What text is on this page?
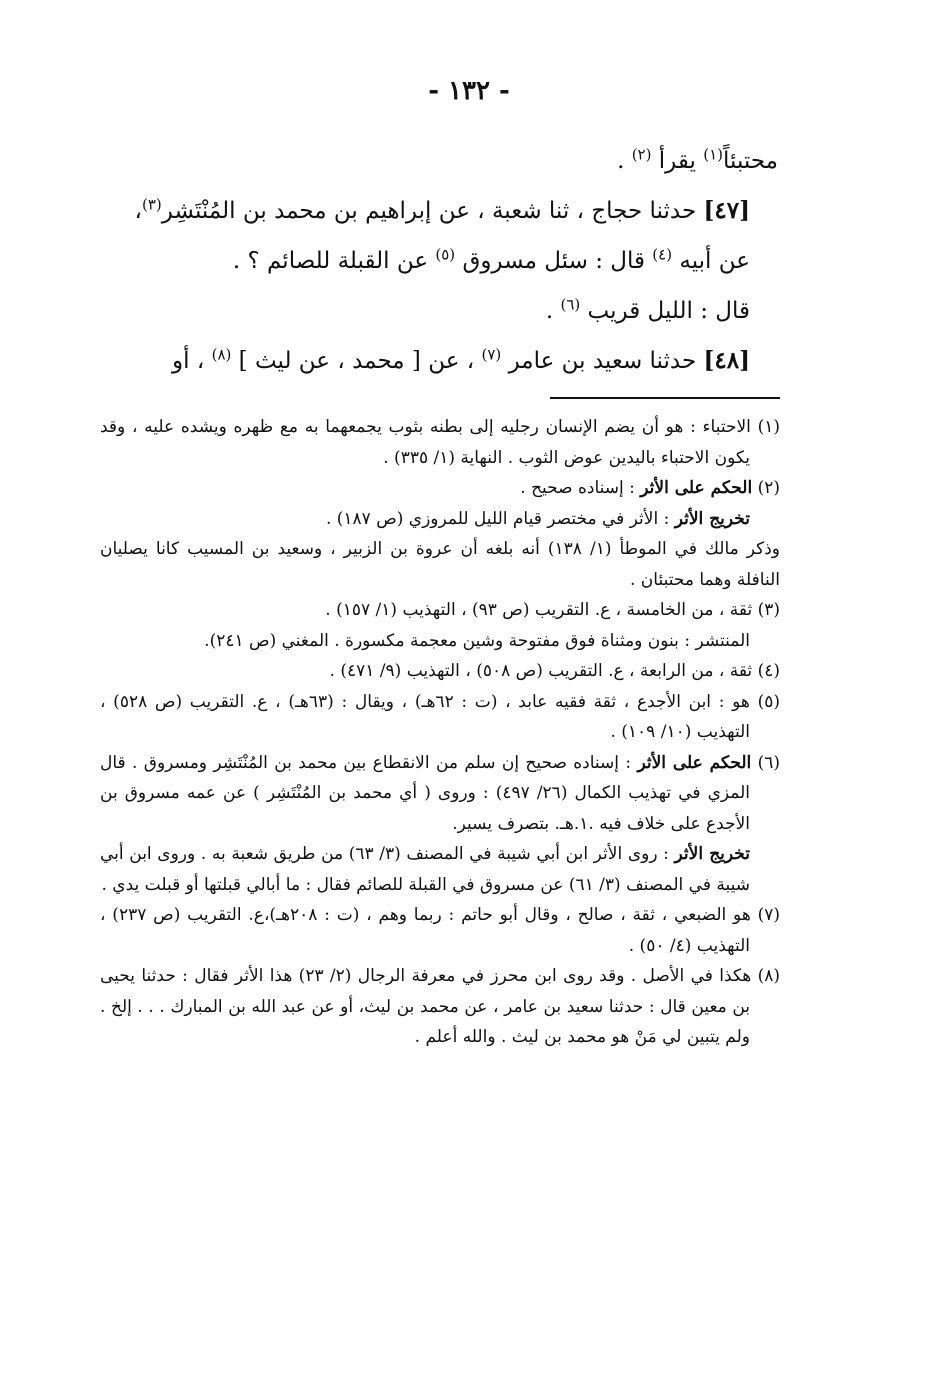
- ١٣٢ -

محتبئاً$^{(١)}$ يقرأ $^{(٢)}$ .

[٤٧] حدثنا حجاج ، ثنا شعبة ، عن إبراهيم بن محمد بن المُنْتَشِر$^{(٣)}$، عن أبيه $^{(٤)}$ قال : سئل مسروق $^{(٥)}$ عن القبلة للصائم ؟ .

قال : الليل قريب $^{(٦)}$ .

[٤٨] حدثنا سعيد بن عامر $^{(٧)}$ ، عن [ محمد ، عن ليث ] $^{(٨)}$ ، أو

(١) الاحتباء : هو أن يضم الإنسان رجليه إلى بطنه بثوب يجمعهما به مع ظهره ويشده عليه ، وقد يكون الاحتباء باليدين عوض الثوب . النهاية (١/ ٣٣٥) .

(٢) الحكم على الأثر : إسناده صحيح .

تخريج الأثر : الأثر في مختصر قيام الليل للمروزي (ص ١٨٧) .

وذكر مالك في الموطأ (١/ ١٣٨) أنه بلغه أن عروة بن الزبير ، وسعيد بن المسيب كانا يصليان النافلة وهما محتبئان .

(٣) ثقة ، من الخامسة ، ع. التقريب (ص ٩٣) ، التهذيب (١/ ١٥٧) .

المنتشر : بنون ومثناة فوق مفتوحة وشين معجمة مكسورة . المغني (ص ٢٤١).

(٤) ثقة ، من الرابعة ، ع. التقريب (ص ٥٠٨) ، التهذيب (٩/ ٤٧١) .

(٥) هو : ابن الأجدع ، ثقة فقيه عابد ، (ت : ٦٢هـ) ، ويقال : (٦٣هـ) ، ع. التقريب (ص ٥٢٨) ، التهذيب (١٠/ ١٠٩) .

(٦) الحكم على الأثر : إسناده صحيح إن سلم من الانقطاع بين محمد بن المُنْتَشِر ومسروق . قال المزي في تهذيب الكمال (٢٦/ ٤٩٧) : وروى ( أي محمد بن المُنْتَشِر ) عن عمه مسروق بن الأجدع على خلاف فيه .١.هـ. بتصرف يسير.

تخريج الأثر : روى الأثر ابن أبي شيبة في المصنف (٣/ ٦٣) من طريق شعبة به . وروى ابن أبي شيبة في المصنف (٣/ ٦١) عن مسروق في القبلة للصائم فقال : ما أبالي قبلتها أو قبلت يدي .

(٧) هو الضبعي ، ثقة ، صالح ، وقال أبو حاتم : ربما وهم ، (ت : ٢٠٨هـ)،ع. التقريب (ص ٢٣٧) ، التهذيب (٤/ ٥٠) .

(٨) هكذا في الأصل . وقد روى ابن محرز في معرفة الرجال (٢/ ٢٣) هذا الأثر فقال : حدثنا يحيى بن معين قال : حدثنا سعيد بن عامر ، عن محمد بن ليث، أو عن عبد الله بن المبارك . . . إلخ . ولم يتبين لي مَنْ هو محمد بن ليث . والله أعلم .
